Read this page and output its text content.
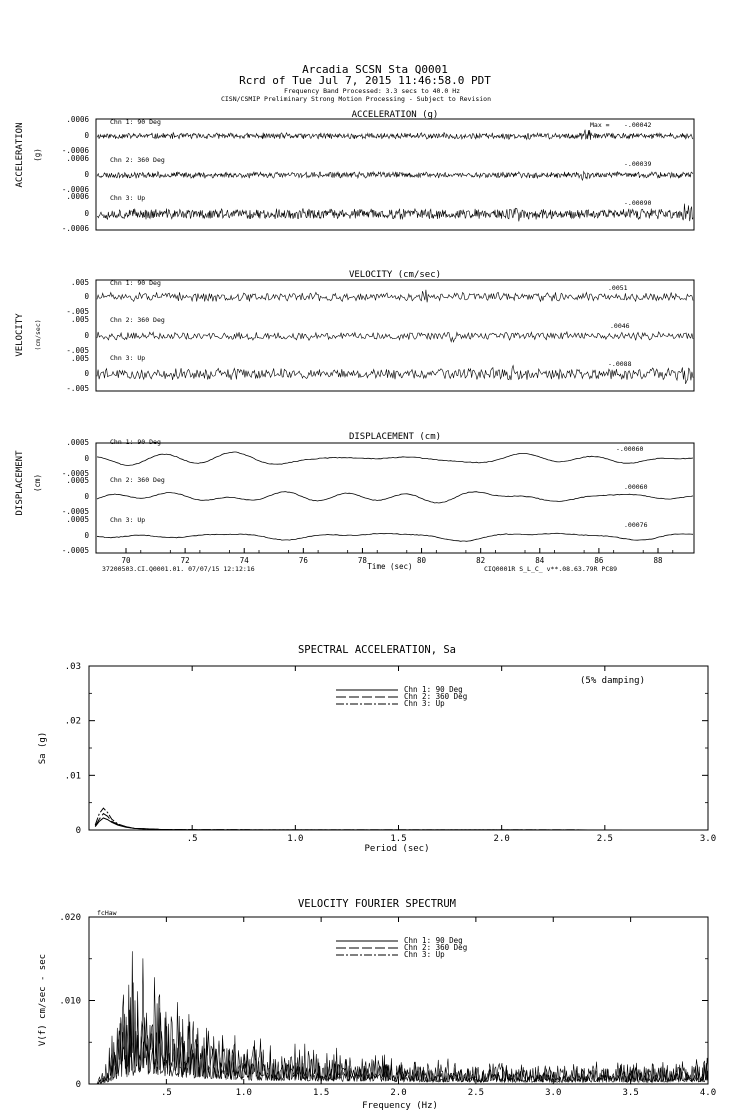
Arcadia SCSN Sta Q0001
Rcrd of Tue Jul 7, 2015 11:46:58.0 PDT
Frequency Band Processed: 3.3 secs to 40.0 Hz
CISN/CSMIP Preliminary Strong Motion Processing - Subject to Revision
ACCELERATION (g)
ACCELERATION (g)
Chn 1: 90 Deg	Max = -.00042
.0006
0
-.0006
Chn 2: 360 Deg	-.00039
.0006
0
-.0006
Chn 3: Up
-.00090
.0006
0
-.0006
VELOCITY (cm/sec)
VELOCITY (cm/sec)
Chn 1: 90 Deg
.0051
.005
0
-.005
Chn 2: 360 Deg
.0046
.005
0
-.005
Chn 3: Up
-.0088
.005
0
-.005
DISPLACEMENT (cm)
DISPLACEMENT (cm)
Chn 1: 90 Deg
-.00060
.0005
0
-.0005
Chn 2: 360 Deg
.00060
.0005
0
-.0005
Chn 3: Up
.00076
.0005
0
-.0005
70	72	74	76	78	80	82	84	86	88
Time (sec)
37200503.CI.Q0001.01. 07/07/15 12:12:16	CIQ0001R S_L_C_ v**.08.63.79R PC89
SPECTRAL ACCELERATION, Sa
Sa (g)
Period (sec)
(5% damping)
.5	1.0	1.5	2.0	2.5	3.0
0
.01
.02
.03
Chn 1: 90 Deg
Chn 2: 360 Deg
Chn 3: Up
VELOCITY FOURIER SPECTRUM
V(f) cm/sec - sec
Frequency (Hz)
fcHaw
.5	1.0	1.5	2.0	2.5	3.0	3.5	4.0
0
.010
.020
Chn 1: 90 Deg
Chn 2: 360 Deg
Chn 3: Up
